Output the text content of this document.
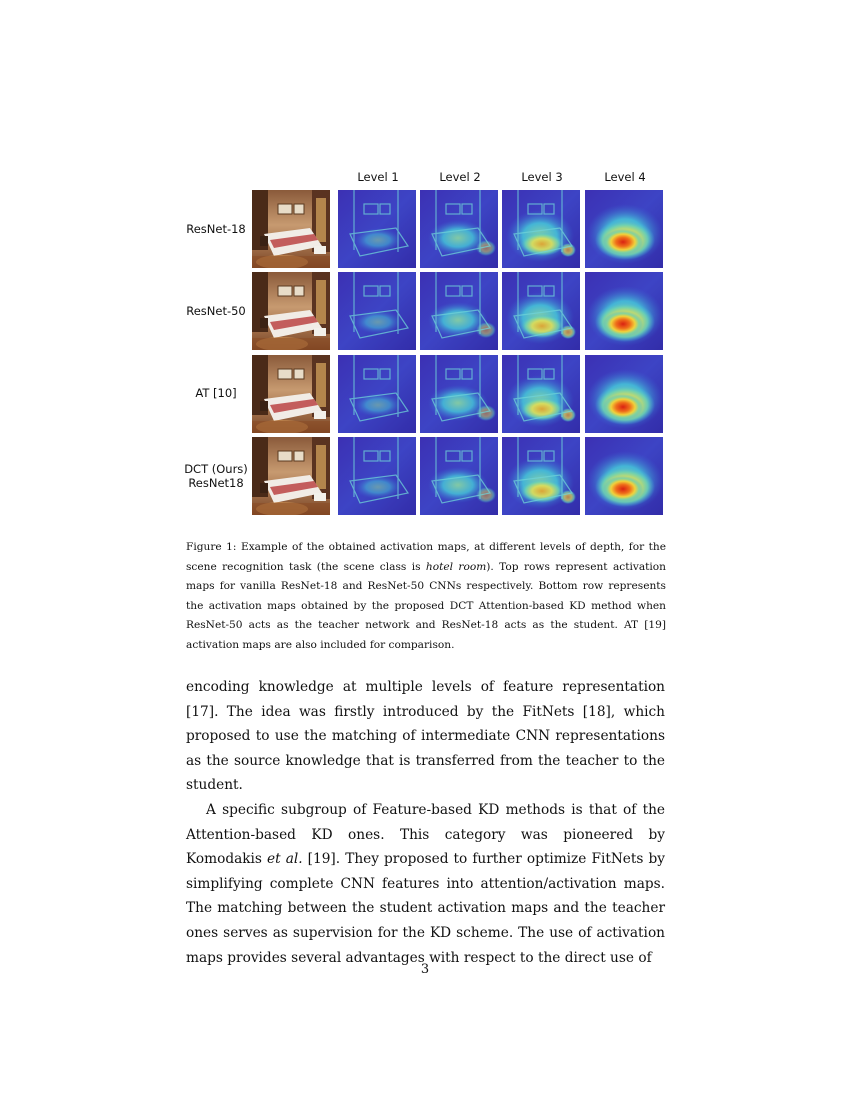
Level 1	Level 2	Level 3	Level 4
ResNet-18
ResNet-50
AT [10]
DCT (Ours)
ResNet18
Figure 1: Example of the obtained activation maps, at different levels of depth, for the scene recognition task (the scene class is hotel room). Top rows represent activation maps for vanilla ResNet-18 and ResNet-50 CNNs respectively. Bottom row represents the activation maps obtained by the proposed DCT Attention-based KD method when ResNet-50 acts as the teacher network and ResNet-18 acts as the student. AT [19] activation maps are also included for comparison.

encoding knowledge at multiple levels of feature representation [17]. The idea was firstly introduced by the FitNets [18], which proposed to use the matching of intermediate CNN representations as the source knowledge that is transferred from the teacher to the student.

A specific subgroup of Feature-based KD methods is that of the Attention-based KD ones. This category was pioneered by Komodakis et al. [19]. They proposed to further optimize FitNets by simplifying complete CNN features into attention/activation maps. The matching between the student activation maps and the teacher ones serves as supervision for the KD scheme. The use of activation maps provides several advantages with respect to the direct use of

3
